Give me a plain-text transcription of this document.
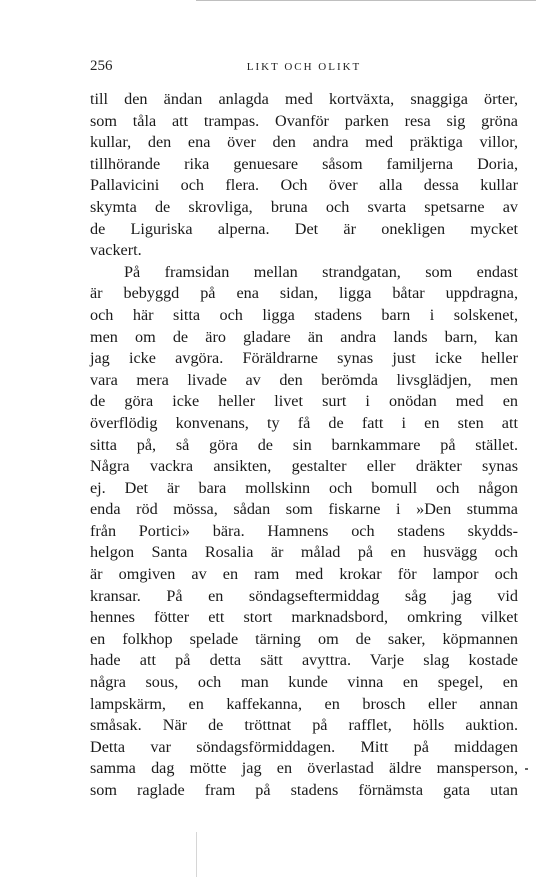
256	LIKT OCH OLIKT
till den ändan anlagda med kortväxta, snaggiga örter,
som tåla att trampas. Ovanför parken resa sig gröna
kullar, den ena över den andra med präktiga villor,
tillhörande rika genuesare såsom familjerna Doria,
Pallavicini och flera. Och över alla dessa kullar
skymta de skrovliga, bruna och svarta spetsarne av
de Liguriska alperna. Det är onekligen mycket
vackert.
På framsidan mellan strandgatan, som endast
är bebyggd på ena sidan, ligga båtar uppdragna,
och här sitta och ligga stadens barn i solskenet,
men om de äro gladare än andra lands barn, kan
jag icke avgöra. Föräldrarne synas just icke heller
vara mera livade av den berömda livsglädjen, men
de göra icke heller livet surt i onödan med en
överflödig konvenans, ty få de fatt i en sten att
sitta på, så göra de sin barnkammare på stället.
Några vackra ansikten, gestalter eller dräkter synas
ej. Det är bara mollskinn och bomull och någon
enda röd mössa, sådan som fiskarne i »Den stumma
från Portici» bära. Hamnens och stadens skydds-
helgon Santa Rosalia är målad på en husvägg och
är omgiven av en ram med krokar för lampor och
kransar. På en söndagseftermiddag såg jag vid
hennes fötter ett stort marknadsbord, omkring vilket
en folkhop spelade tärning om de saker, köpmannen
hade att på detta sätt avyttra. Varje slag kostade
några sous, och man kunde vinna en spegel, en
lampskärm, en kaffekanna, en brosch eller annan
småsak. När de tröttnat på rafflet, hölls auktion.
Detta var söndagsförmiddagen. Mitt på middagen
samma dag mötte jag en överlastad äldre mansperson,
som raglade fram på stadens förnämsta gata utan
